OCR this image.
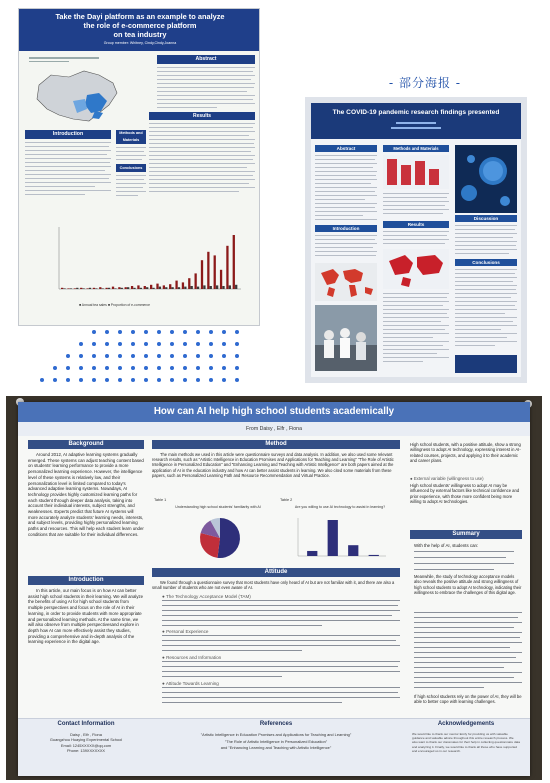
Take the Dayi platform as an example to analyze
the role of e-commerce platform
on tea industry
Group member: Whitney, Cindy,Cindy,Joanna
Abstract
Results
Introduction	Methods and Materials
Conclusions
■ Annual tea sales ■ Proportion of e-commerce
- 部分海报 -
The COVID-19 pandemic research findings presented
Abstract
Introduction
Methods and Materials
Results
Discussion
Conclusions
How can AI help high school students academically
From Daisy , Elfr , Fiona
Background
Around 2012, AI adaptive learning systems gradually emerged. These systems can adjust teaching content based on students' learning performance to provide a more personalized learning experience. However, the intelligence level of these systems is relatively low, and their personalization level is limited compared to today's advanced adaptive learning systems. Nowadays, AI technology provides highly customized learning paths for each student through deeper data analysis, taking into account their individual interests, subject strengths, and weaknesses. Experts predict that future AI systems will more accurately analyze students' learning needs, interests, and subject levels, providing highly personalized learning paths and resources. This will help each student learn under conditions that are suitable for their individual differences.
Introduction
In this article, our main focus is on how AI can better assist high school students in their learning. We will analyze the benefits of using AI for high school students from multiple perspectives and focus on the role of AI in their learning, in order to provide students with more appropriate and personalized learning methods. At the same time, we will also observe from multiple perspectivesand explore in depth how AI can more effectively assist they studies, providing a comprehensive and in-depth analysis of the learning experience in the digital age.
Method
The main methods we used in this article were questionnaire surveys and data analysis. In addition, we also used some relevant research results, such as "Artistic Intelligence in Education Promises and Applications for Teaching and Learning" "The Role of Artistic Intelligence in Personalized Education" and "Enhancing Learning and Teaching with Artistic Intelligence" are both papers aimed at the application of AI in the education industry and how AI can better assist students in learning. We also cited some materials from these papers, such as Personalized Learning Path and Resource Recommendation and Virtual Practice.
Table 1
Understanding high school students' familiarity with AI
Table 2
Are you willing to use AI technology to assist in learning?
Attitude
We found through a questionnaire survey that most students have only heard of AI but are not familiar with it, and there are also a small number of students who are not even aware of AI.
● The Technology Acceptance Model (TAM)
● Personal Experience
● Resources and Information
● Attitude Towards Learning
High school students, with a positive attitude, show a strong willingness to adopt AI technology, expressing interest in AI-related courses, projects, and applying it to their academic and career plans.
● External variable (willingness to use)
High school students' willingness to adopt AI may be influenced by external factors like technical confidence and prior experience, with those more confident being more willing to adopt AI technologies.
Summary
With the help of AI, students can:
Meanwhile, the study of technology acceptance models also reveals the positive attitude and strong willingness of high school students to adopt AI technology, indicating their willingness to embrace the challenges of this digital age.
If high school students rely on the power of AI, they will be able to better cope with learning challenges.
Contact Information
Daisy , Elfr , Fiona
Guangzhou Huaying Experimental School
Email: 1245XXXXX@qq.com
Phone: 139XXXXXXX
References
"Artistic Intelligence in Education Promises and Applications for Teaching and Learning"
"The Role of Artistic Intelligence in Personalized Education"
and "Enhancing Learning and Teaching with Artistic Intelligence"
Acknowledgements
We would like to thank our mentor Emily for providing us with valuable guidance and valuable advice throughout this entire research process. We also want to thank our classmates for their help in collecting questionnaire data and analyzing it. Finally, we would like to thank all those who have supported and encouraged us in our research.
